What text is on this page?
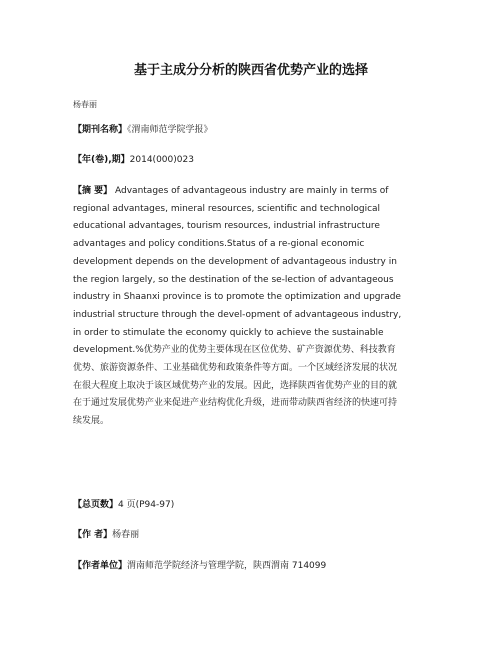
基于主成分分析的陕西省优势产业的选择
杨春丽
【期刊名称】《渭南师范学院学报》
【年(卷),期】2014(000)023
【摘 要】 Advantages of advantageous industry are mainly in terms of
regional advantages, mineral resources, scientific and technological
educational advantages, tourism resources, industrial infrastructure
advantages and policy conditions.Status of a re-gional economic
development depends on the development of advantageous industry in
the region largely, so the destination of the se-lection of advantageous
industry in Shaanxi province is to promote the optimization and upgrade
industrial structure through the devel-opment of advantageous industry,
in order to stimulate the economy quickly to achieve the sustainable
development.%优势产业的优势主要体现在区位优势、矿产资源优势、科技教育
优势、旅游资源条件、工业基础优势和政策条件等方面。一个区域经济发展的状况
在很大程度上取决于该区域优势产业的发展。因此，选择陕西省优势产业的目的就
在于通过发展优势产业来促进产业结构优化升级，进而带动陕西省经济的快速可持
续发展。
【总页数】4 页(P94-97)
【作 者】杨春丽
【作者单位】渭南师范学院经济与管理学院，陕西渭南 714099
